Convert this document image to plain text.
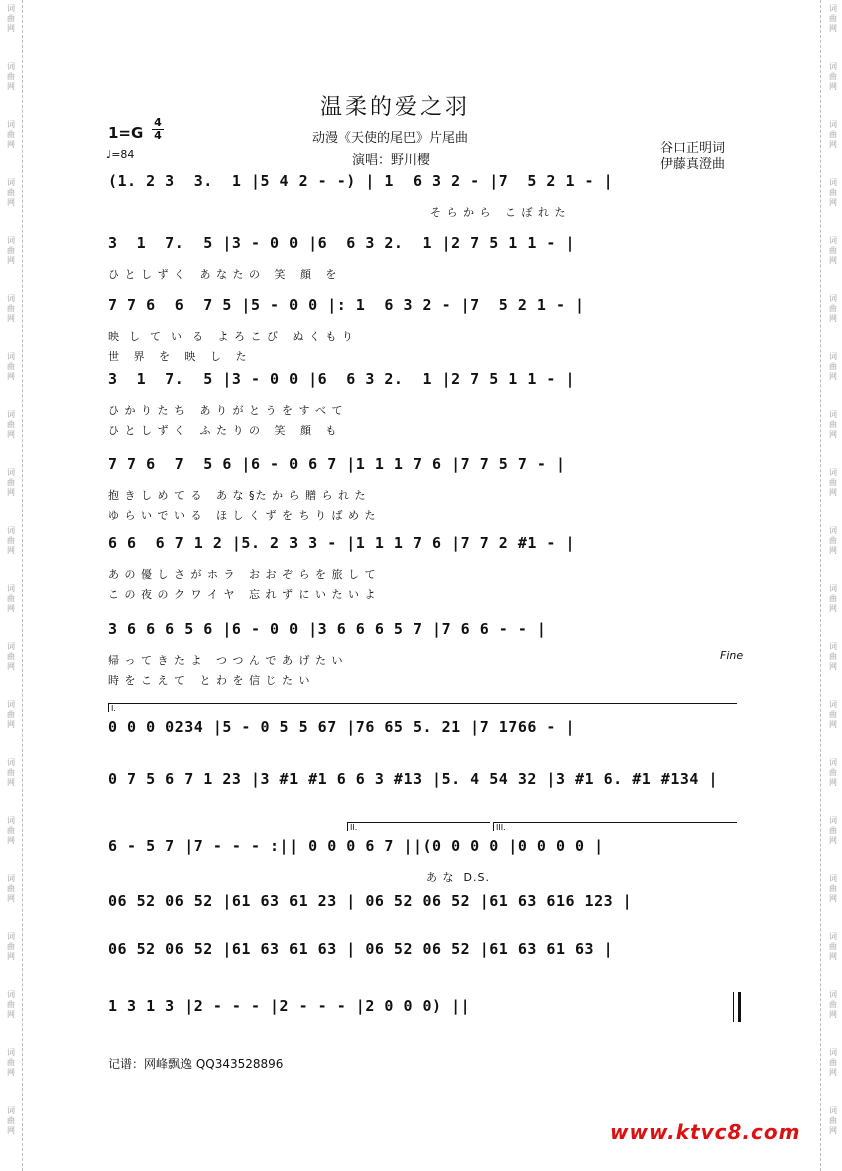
词
曲
网
词
曲
网
词
曲
网
词
曲
网
词
曲
网
词
曲
网
词
曲
网
词
曲
网
词
曲
网
词
曲
网
词
曲
网
词
曲
网
词
曲
网
词
曲
网
词
曲
网
词
曲
网
词
曲
网
词
曲
网
词
曲
网
词
曲
网
词
曲
网
词
曲
网
词
曲
网
词
曲
网
词
曲
网
词
曲
网
词
曲
网
词
曲
网
词
曲
网
词
曲
网
词
曲
网
词
曲
网
词
曲
网
词
曲
网
词
曲
网
词
曲
网
词
曲
网
词
曲
网
词
曲
网
词
曲
网
温柔的爱之羽
1=G
4
4
♩=84
动漫《天使的尾巴》片尾曲
演唱：野川樱
谷口正明词
伊藤真澄曲
(1. 2 3  3.  1 |5 4 2 - -) | 1  6 3 2 - |7  5 2 1 - |
3  1  7.  5 |3 - 0 0 |6  6 3 2.  1 |2 7 5 1 1 - |
7 7 6  6  7 5 |5 - 0 0 |: 1  6 3 2 - |7  5 2 1 - |
3  1  7.  5 |3 - 0 0 |6  6 3 2.  1 |2 7 5 1 1 - |
7 7 6  7  5 6 |6 - 0 6 7 |1 1 1 7 6 |7 7 5 7 - |
6 6  6 7 1 2 |5. 2 3 3 - |1 1 1 7 6 |7 7 2 #1 - |
3 6 6 6 5 6 |6 - 0 0 |3 6 6 6 5 7 |7 6 6 - - |
0 0 0 0234 |5 - 0 5 5 67 |76 65 5. 21 |7 1766 - |
0 7 5 6 7 1 23 |3 #1 #1 6 6 3 #13 |5. 4 54 32 |3 #1 6. #1 #134 |
6 - 5 7 |7 - - - :|| 0 0 0 6 7 ||(0 0 0 0 |0 0 0 0 |
06 52 06 52 |61 63 61 23 | 06 52 06 52 |61 63 616 123 |
06 52 06 52 |61 63 61 63 | 06 52 06 52 |61 63 61 63 |
1 3 1 3 |2 - - - |2 - - - |2 0 0 0) ||
そ ら か ら   こ ぼ れ た
ひ と し ず く   あ な た の   笑   顔   を
映  し  て  い  る   よ ろ こ び   ぬ く も り
世   界   を   映   し   た
ひ か り た ち   あ り が と う を す べ て
ひ と し ず く   ふ た り の   笑   顔   も
抱 き し め て る   あ な §た か ら 贈 ら れ た
ゆ ら い で い る   ほ し く ず を ち り ば め た
あ の 優 し さ が ホ ラ   お お ぞ ら を 旅 し て
こ の 夜 の ク ワ イ ヤ   忘 れ ず に い た い よ
帰 っ て き た よ   つ つ ん で あ げ た い
時 を こ え て   と わ を 信 じ た い
あ な  D.S.
Fine
I.
II.	III.
记谱：网峰飘逸 QQ343528896
www.ktvc8.com
